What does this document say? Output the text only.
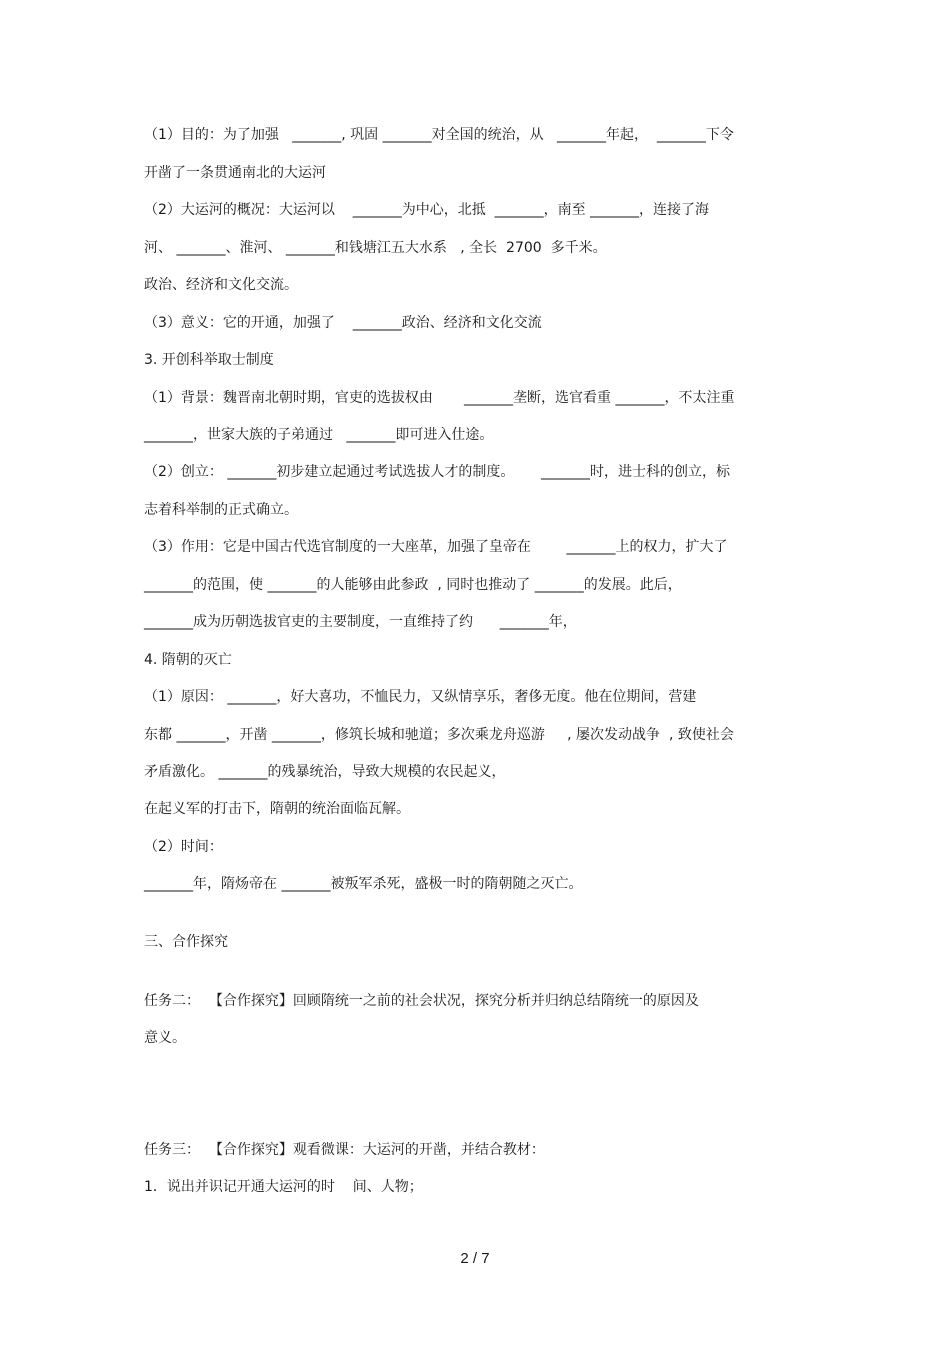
（1）目的：为了加强   _______, 巩固 _______对全国的统治，从   _______年起，  _______下令
开凿了一条贯通南北的大运河
（2）大运河的概况：大运河以    _______为中心，北抵  _______，南至 _______，连接了海
河、 _______、淮河、 _______和钱塘江五大水系   , 全长  2700  多千米。
政治、经济和文化交流。
（3）意义：它的开通，加强了    _______政治、经济和文化交流
3. 开创科举取士制度
（1）背景：魏晋南北朝时期，官吏的选拔权由       _______垄断，选官看重 _______，不太注重
_______，世家大族的子弟通过   _______即可进入仕途。
（2）创立： _______初步建立起通过考试选拔人才的制度。      _______时，进士科的创立，标
志着科举制的正式确立。
（3）作用：它是中国古代选官制度的一大座革，加强了皇帝在        _______上的权力，扩大了
_______的范围，使 _______的人能够由此参政  , 同时也推动了 _______的发展。此后，
_______成为历朝选拔官吏的主要制度，一直维持了约      _______年，
4. 隋朝的灭亡
（1）原因： _______，好大喜功，不恤民力，又纵情享乐，奢侈无度。他在位期间，营建
东都 _______，开凿 _______，修筑长城和驰道；多次乘龙舟巡游     , 屡次发动战争  , 致使社会
矛盾激化。 _______的残暴统治，导致大规模的农民起义，
在起义军的打击下，隋朝的统治面临瓦解。
（2）时间：
_______年，隋炀帝在 _______被叛军杀死，盛极一时的隋朝随之灭亡。
三、合作探究
任务二：  【合作探究】回顾隋统一之前的社会状况，探究分析并归纳总结隋统一的原因及
意义。
任务三：  【合作探究】观看微课：大运河的开凿，并结合教材：
1．说出并识记开通大运河的时    间、人物；
2 / 7
